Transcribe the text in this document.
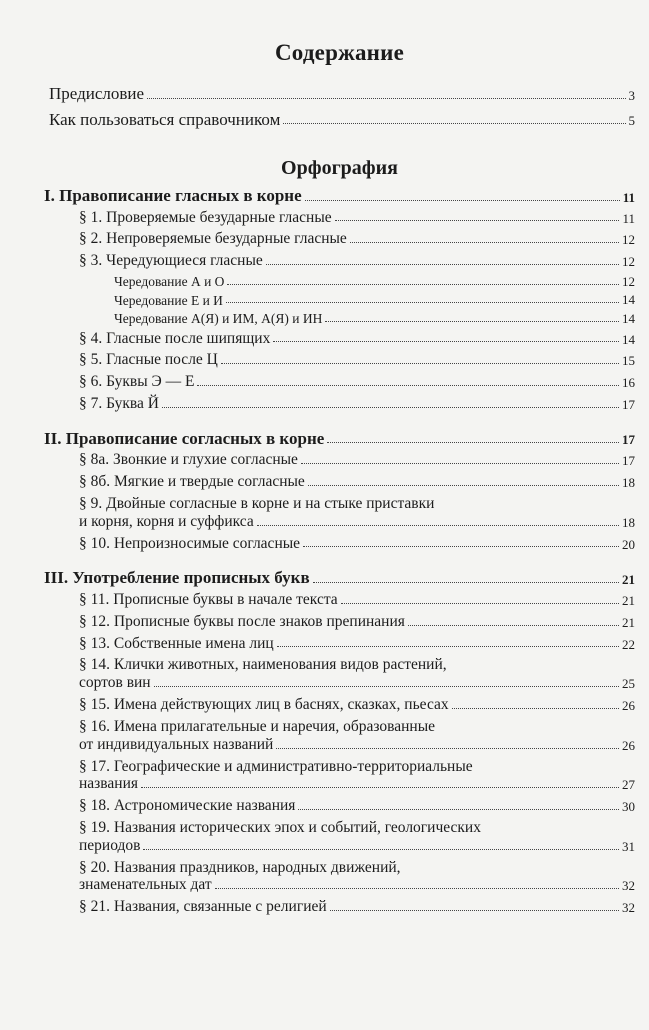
Содержание
Предисловие	3
Как пользоваться справочником	5
Орфография
I. Правописание гласных в корне	11
§ 1. Проверяемые безударные гласные	11
§ 2. Непроверяемые безударные гласные	12
§ 3. Чередующиеся гласные	12
Чередование А и О	12
Чередование Е и И	14
Чередование А(Я) и ИМ, А(Я) и ИН	14
§ 4. Гласные после шипящих	14
§ 5. Гласные после Ц	15
§ 6. Буквы Э — Е	16
§ 7. Буква Й	17
II. Правописание согласных в корне	17
§ 8а. Звонкие и глухие согласные	17
§ 8б. Мягкие и твердые согласные	18
§ 9. Двойные согласные в корне и на стыке приставки
и корня, корня и суффикса	18
§ 10. Непроизносимые согласные	20
III. Употребление прописных букв	21
§ 11. Прописные буквы в начале текста	21
§ 12. Прописные буквы после знаков препинания	21
§ 13. Собственные имена лиц	22
§ 14. Клички животных, наименования видов растений,
сортов вин	25
§ 15. Имена действующих лиц в баснях, сказках, пьесах	26
§ 16. Имена прилагательные и наречия, образованные
от индивидуальных названий	26
§ 17. Географические и административно-территориальные
названия	27
§ 18. Астрономические названия	30
§ 19. Названия исторических эпох и событий, геологических
периодов	31
§ 20. Названия праздников, народных движений,
знаменательных дат	32
§ 21. Названия, связанные с религией	32
